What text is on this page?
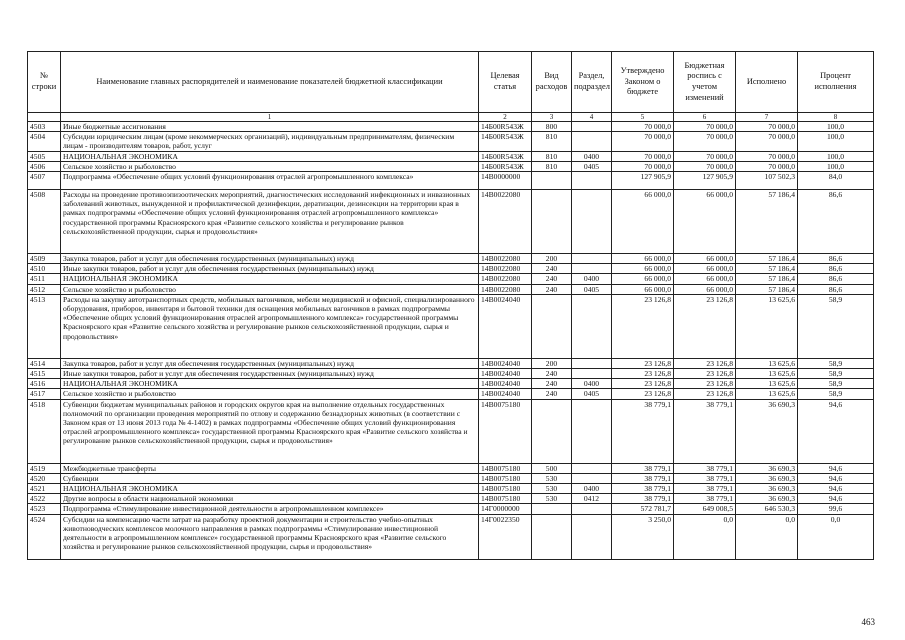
№ строки	Наименование главных распорядителей и наименование показателей бюджетной классификации	Целевая статья	Вид расходов	Раздел, подраздел	Утверждено Законом о бюджете	Бюджетная роспись с учетом изменений	Исполнено	Процент исполнения
	1	2	3	4	5	6	7	8
4503	Иные бюджетные ассигнования	14Б00R543Ж	800		70 000,0	70 000,0	70 000,0	100,0
4504	Субсидии юридическим лицам (кроме некоммерческих организаций), индивидуальным предпринимателям, физическим лицам - производителям товаров, работ, услуг	14Б00R543Ж	810		70 000,0	70 000,0	70 000,0	100,0
4505	НАЦИОНАЛЬНАЯ ЭКОНОМИКА	14Б00R543Ж	810	0400	70 000,0	70 000,0	70 000,0	100,0
4506	Сельское хозяйство и рыболовство	14Б00R543Ж	810	0405	70 000,0	70 000,0	70 000,0	100,0
4507	Подпрограмма «Обеспечение общих условий функционирования отраслей агропромышленного комплекса»	14В0000000			127 905,9	127 905,9	107 502,3	84,0
4508	Расходы на проведение противоэпизоотических мероприятий, диагностических исследований инфекционных и инвазионных заболеваний животных, вынужденной и профилактической дезинфекции, дератизации, дезинсекции на территории края в рамках подпрограммы «Обеспечение общих условий функционирования отраслей агропромышленного комплекса» государственной программы Красноярского края «Развитие сельского хозяйства и регулирование рынков сельскохозяйственной продукции, сырья и продовольствия»	14В0022080			66 000,0	66 000,0	57 186,4	86,6
4509	Закупка товаров, работ и услуг для обеспечения государственных (муниципальных) нужд	14В0022080	200		66 000,0	66 000,0	57 186,4	86,6
4510	Иные закупки товаров, работ и услуг для обеспечения государственных (муниципальных) нужд	14В0022080	240		66 000,0	66 000,0	57 186,4	86,6
4511	НАЦИОНАЛЬНАЯ ЭКОНОМИКА	14В0022080	240	0400	66 000,0	66 000,0	57 186,4	86,6
4512	Сельское хозяйство и рыболовство	14В0022080	240	0405	66 000,0	66 000,0	57 186,4	86,6
4513	Расходы на закупку автотранспортных средств, мобильных вагончиков, мебели медицинской и офисной, специализированного оборудования, приборов, инвентаря и бытовой техники для оснащения мобильных вагончиков в рамках подпрограммы «Обеспечение общих условий функционирования отраслей агропромышленного комплекса» государственной программы Красноярского края «Развитие сельского хозяйства и регулирование рынков сельскохозяйственной продукции, сырья и продовольствия»	14В0024040			23 126,8	23 126,8	13 625,6	58,9
4514	Закупка товаров, работ и услуг для обеспечения государственных (муниципальных) нужд	14В0024040	200		23 126,8	23 126,8	13 625,6	58,9
4515	Иные закупки товаров, работ и услуг для обеспечения государственных (муниципальных) нужд	14В0024040	240		23 126,8	23 126,8	13 625,6	58,9
4516	НАЦИОНАЛЬНАЯ ЭКОНОМИКА	14В0024040	240	0400	23 126,8	23 126,8	13 625,6	58,9
4517	Сельское хозяйство и рыболовство	14В0024040	240	0405	23 126,8	23 126,8	13 625,6	58,9
4518	Субвенции бюджетам муниципальных районов и городских округов края на выполнение отдельных государственных полномочий по организации проведения мероприятий по отлову и содержанию безнадзорных животных (в соответствии с Законом края от 13 июня 2013 года № 4-1402) в рамках подпрограммы «Обеспечение общих условий функционирования отраслей агропромышленного комплекса» государственной программы Красноярского края «Развитие сельского хозяйства и регулирование рынков сельскохозяйственной продукции, сырья и продовольствия»	14В0075180			38 779,1	38 779,1	36 690,3	94,6
4519	Межбюджетные трансферты	14В0075180	500		38 779,1	38 779,1	36 690,3	94,6
4520	Субвенции	14В0075180	530		38 779,1	38 779,1	36 690,3	94,6
4521	НАЦИОНАЛЬНАЯ ЭКОНОМИКА	14В0075180	530	0400	38 779,1	38 779,1	36 690,3	94,6
4522	Другие вопросы в области национальной экономики	14В0075180	530	0412	38 779,1	38 779,1	36 690,3	94,6
4523	Подпрограмма «Стимулирование инвестиционной деятельности в агропромышленном комплексе»	14Г0000000			572 781,7	649 008,5	646 530,3	99,6
4524	Субсидии на компенсацию части затрат на разработку проектной документации и строительство учебно-опытных животноводческих комплексов молочного направления в рамках подпрограммы «Стимулирование инвестиционной деятельности в агропромышленном комплексе» государственной программы Красноярского края «Развитие сельского хозяйства и регулирование рынков сельскохозяйственной продукции, сырья и продовольствия»	14Г0022350			3 250,0	0,0	0,0	0,0
463
